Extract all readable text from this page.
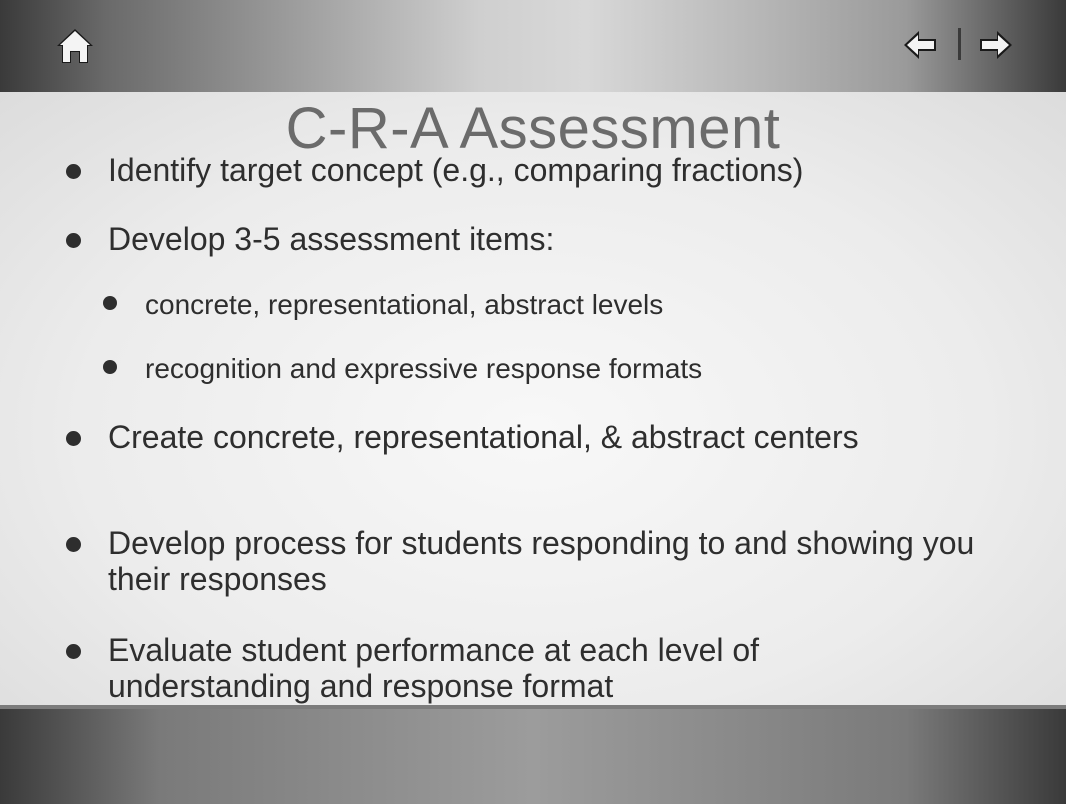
C-R-A Assessment
Identify target concept (e.g., comparing fractions)
Develop 3-5 assessment items:
concrete, representational, abstract levels
recognition and expressive response formats
Create concrete, representational, & abstract centers
Develop process for students responding to and showing you their responses
Evaluate student performance at each level of understanding and response format
